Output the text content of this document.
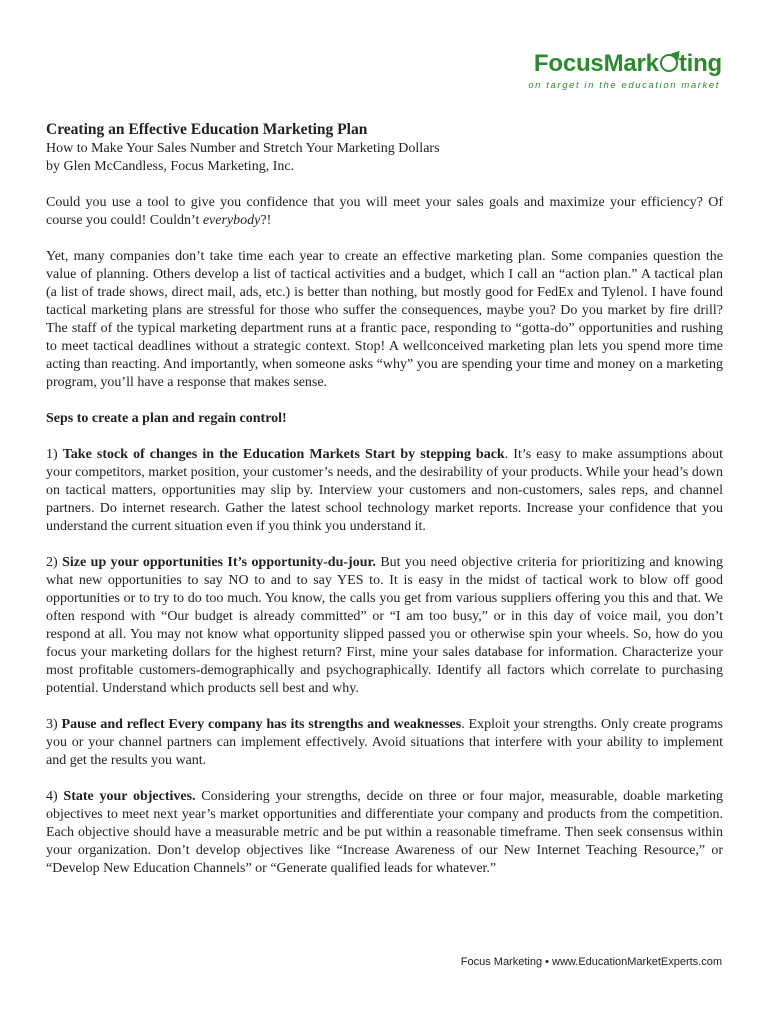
FocusMark ting
on target in the education market
Creating an Effective Education Marketing Plan
How to Make Your Sales Number and Stretch Your Marketing Dollars
by Glen McCandless, Focus Marketing, Inc.

Could you use a tool to give you confidence that you will meet your sales goals and maximize your efficiency? Of course you could! Couldn’t everybody?!

Yet, many companies don’t take time each year to create an effective marketing plan. Some companies question the value of planning. Others develop a list of tactical activities and a budget, which I call an “action plan.” A tactical plan (a list of trade shows, direct mail, ads, etc.) is better than nothing, but mostly good for FedEx and Tylenol. I have found tactical marketing plans are stressful for those who suffer the consequences, maybe you? Do you market by fire drill? The staff of the typical marketing department runs at a frantic pace, responding to “gotta-do” opportunities and rushing to meet tactical deadlines without a strategic context. Stop! A wellconceived marketing plan lets you spend more time acting than reacting. And importantly, when someone asks “why” you are spending your time and money on a marketing program, you’ll have a response that makes sense.

Seps to create a plan and regain control!

1) Take stock of changes in the Education Markets Start by stepping back. It’s easy to make assumptions about your competitors, market position, your customer’s needs, and the desirability of your products. While your head’s down on tactical matters, opportunities may slip by. Interview your customers and non-customers, sales reps, and channel partners. Do internet research. Gather the latest school technology market reports. Increase your confidence that you understand the current situation even if you think you understand it.

2) Size up your opportunities It’s opportunity-du-jour. But you need objective criteria for prioritizing and knowing what new opportunities to say NO to and to say YES to. It is easy in the midst of tactical work to blow off good opportunities or to try to do too much. You know, the calls you get from various suppliers offering you this and that. We often respond with “Our budget is already committed” or “I am too busy,” or in this day of voice mail, you don’t respond at all. You may not know what opportunity slipped passed you or otherwise spin your wheels. So, how do you focus your marketing dollars for the highest return? First, mine your sales database for information. Characterize your most profitable customers-demographically and psychographically. Identify all factors which correlate to purchasing potential. Understand which products sell best and why.

3) Pause and reflect Every company has its strengths and weaknesses. Exploit your strengths. Only create programs you or your channel partners can implement effectively. Avoid situations that interfere with your ability to implement and get the results you want.

4) State your objectives. Considering your strengths, decide on three or four major, measurable, doable marketing objectives to meet next year’s market opportunities and differentiate your company and products from the competition. Each objective should have a measurable metric and be put within a reasonable timeframe. Then seek consensus within your organization. Don’t develop objectives like “Increase Awareness of our New Internet Teaching Resource,” or “Develop New Education Channels” or “Generate qualified leads for whatever.”

Focus Marketing • www.EducationMarketExperts.com
